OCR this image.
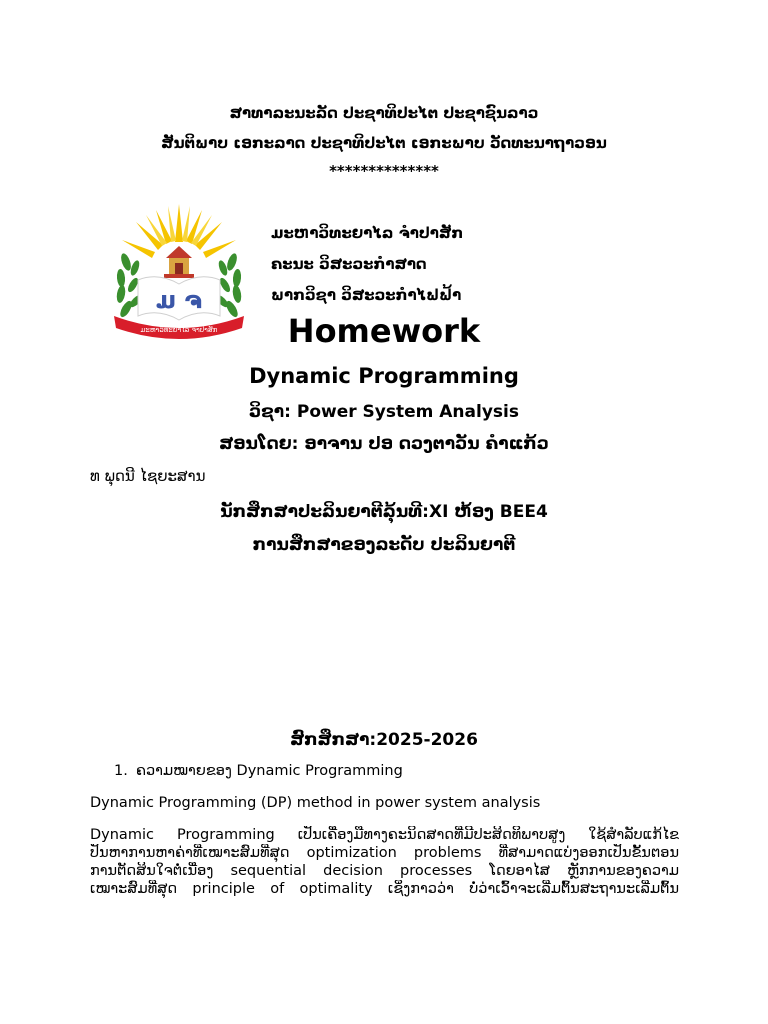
ສາທາລະນະລັດ ປະຊາທິປະໄຕ ປະຊາຊົນລາວ
ສັນຕິພາບ ເອກະລາດ ປະຊາທິປະໄຕ ເອກະພາບ ວັດທະນາຖາວອນ
**************
ມ ຈ
ມະຫາວິທະຍາໄລ ຈຳປາສັກ
ມະຫາວິທະຍາໄລ ຈຳປາສັກ
ຄະນະ ວິສະວະກຳສາດ
ພາກວິຊາ ວິສະວະກຳໄຟຟ້າ
Homework
Dynamic Programming
ວິຊາ: Power System Analysis
ສອນໂດຍ: ອາຈານ ປອ ດວງຕາວັນ ຄຳແກ້ວ
ທ ພຸດນີ ໄຊຍະສານ
ນັກສຶກສາປະລິນຍາຕີລຸ້ນທີ:XI ຫ້ອງ BEE4
ການສຶກສາຂອງລະດັບ ປະລິນຍາຕີ
ສົກສຶກສາ:2025-2026
1. ຄວາມໝາຍຂອງ Dynamic Programming
Dynamic Programming (DP) method in power system analysis
Dynamic Programming ເປັນເຄື່ອງມືທາງຄະນິດສາດທີ່ມີປະສິດທິພາບສູງ ໃຊ້ສຳລັບແກ້ໄຂ
ປັນຫາການຫາຄ່າທີ່ເໝາະສົມທີ່ສຸດ optimization problems ທີ່ສາມາດແບ່ງອອກເປັນຂັ້ນຕອນ
ການຕັດສິນໃຈຕໍ່ເນື່ອງ sequential decision processes ໂດຍອາໄສ ຫຼັກການຂອງຄວາມ
ເໝາະສົມທີ່ສຸດ principle of optimality ເຊິ່ງກາວວ່າ ບໍ່ວ່າເວົ້າຈະເລີ່ມຕົ້ນສະຖານະເລີ່ມຕົ້ນ
